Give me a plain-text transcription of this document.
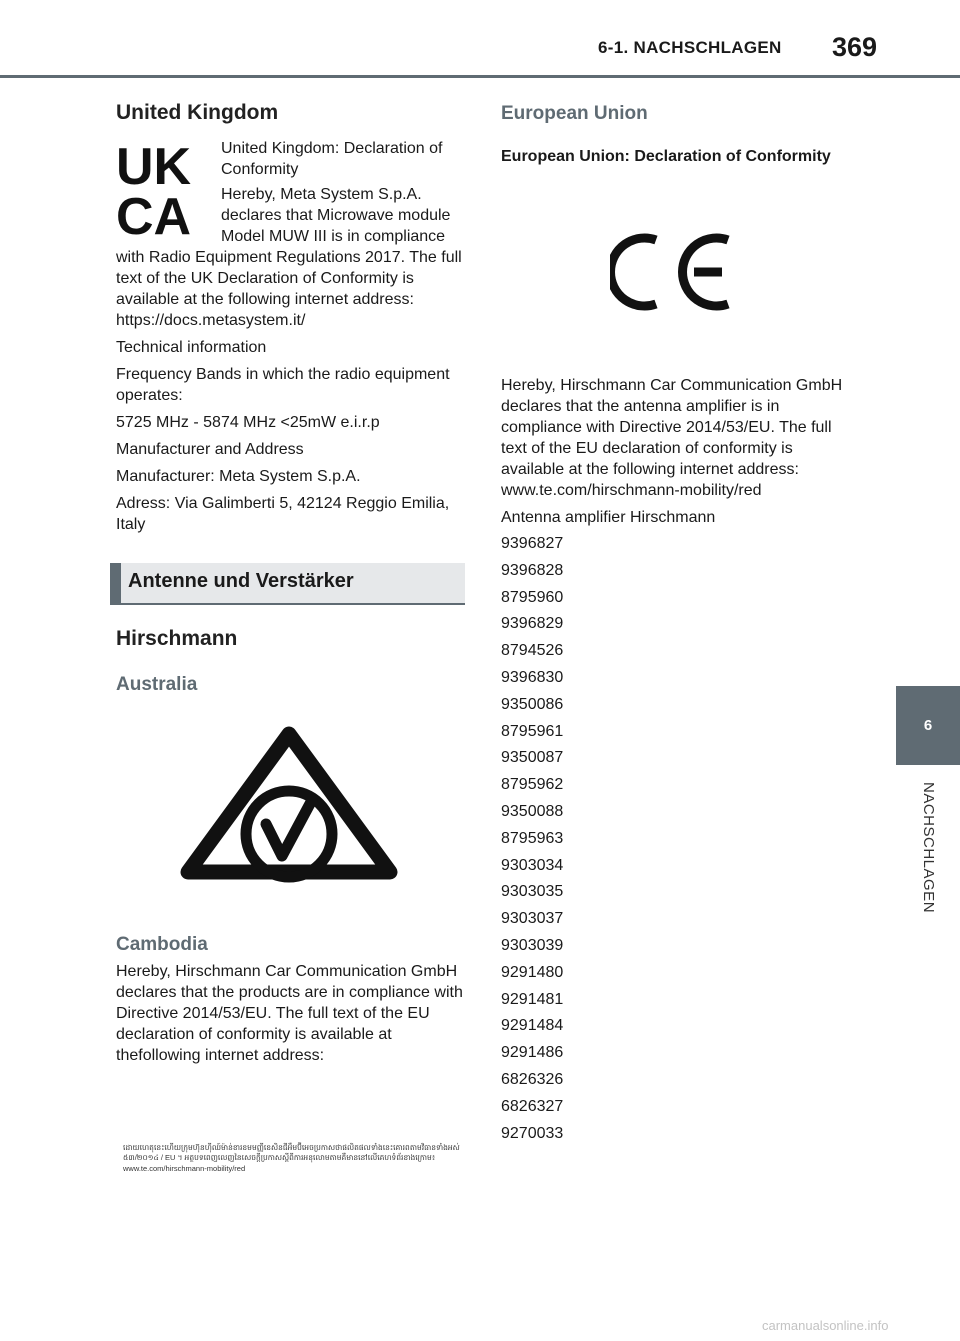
6-1. NACHSCHLAGEN 369
6
NACHSCHLAGEN
United Kingdom
UK
CA

United Kingdom: Declaration of Conformity

Hereby, Meta System S.p.A. declares that Microwave module Model MUW III is in compliance with Radio Equipment Regulations 2017. The full text of the UK Declaration of Conformity is available at the following internet address: https://docs.metasystem.it/

Technical information

Frequency Bands in which the radio equipment operates:

5725 MHz - 5874 MHz <25mW e.i.r.p

Manufacturer and Address

Manufacturer: Meta System S.p.A.

Adress: Via Galimberti 5, 42124 Reggio Emilia, Italy

Antenne und Verstärker
Hirschmann
Australia
Cambodia

Hereby, Hirschmann Car Communication GmbH declares that the products are in compliance with Directive 2014/53/EU. The full text of the EU declaration of conformity is available at thefollowing internet address:

ដោយហេតុនេះហើយក្រុមហ៊ុនហ៊ីឈ៍ម៉ាន់ខារខមមញ្ញីខេសិនជីអឹមប៊ីអេចប្រកាសថាផលិតផលទាំងនេះគោរពតាមវិធានទាំងអស់ ៥៣/២០១៤ / EU ។ អត្ថបទពេញលេញនៃសេចក្តីប្រកាសស្តីពីការអនុលោមតាមគឺមាននៅលើគេហទំព័រខាងក្រោម៖ www.te.com/hirschmann-mobility/red
European Union

European Union: Declaration of Conformity

Hereby, Hirschmann Car Communication GmbH declares that the antenna amplifier is in compliance with Directive 2014/53/EU. The full text of the EU declaration of conformity is available at the following internet address: www.te.com/hirschmann-mobility/red

Antenna amplifier Hirschmann

9396827

9396828

8795960

9396829

8794526

9396830

9350086

8795961

9350087

8795962

9350088

8795963

9303034

9303035

9303037

9303039

9291480

9291481

9291484

9291486

6826326

6826327

9270033

carmanualsonline.info
